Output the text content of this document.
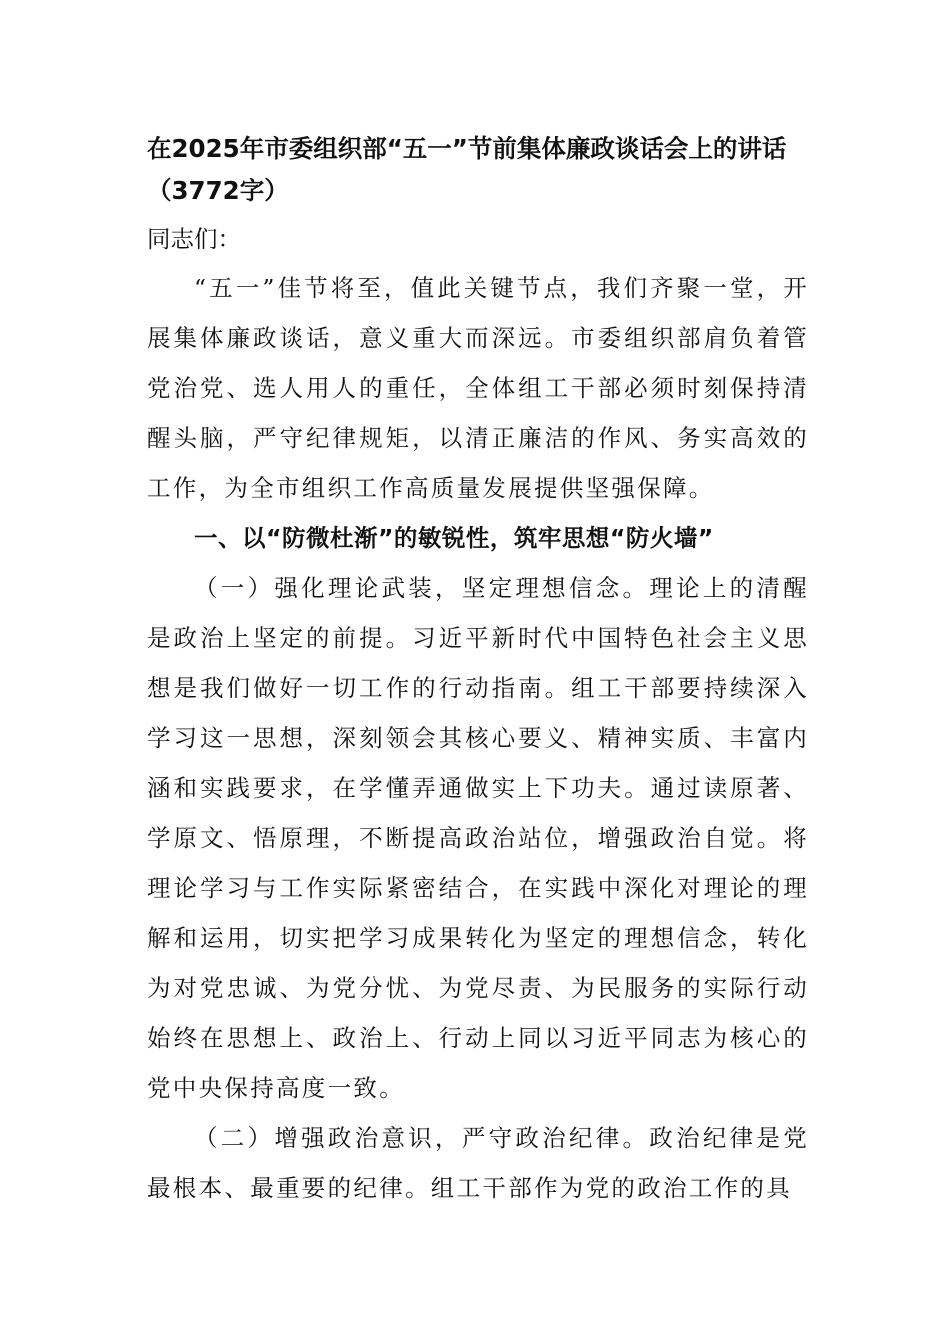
在2025年市委组织部“五一”节前集体廉政谈话会上的讲话（3772字）

同志们：

“五一”佳节将至，值此关键节点，我们齐聚一堂，开展集体廉政谈话，意义重大而深远。市委组织部肩负着管党治党、选人用人的重任，全体组工干部必须时刻保持清醒头脑，严守纪律规矩，以清正廉洁的作风、务实高效的工作，为全市组织工作高质量发展提供坚强保障。

一、以“防微杜渐”的敏锐性，筑牢思想“防火墙”

（一）强化理论武装，坚定理想信念。理论上的清醒是政治上坚定的前提。习近平新时代中国特色社会主义思想是我们做好一切工作的行动指南。组工干部要持续深入学习这一思想，深刻领会其核心要义、精神实质、丰富内涵和实践要求，在学懂弄通做实上下功夫。通过读原著、学原文、悟原理，不断提高政治站位，增强政治自觉。将理论学习与工作实际紧密结合，在实践中深化对理论的理解和运用，切实把学习成果转化为坚定的理想信念，转化为对党忠诚、为党分忧、为党尽责、为民服务的实际行动始终在思想上、政治上、行动上同以习近平同志为核心的党中央保持高度一致。

（二）增强政治意识，严守政治纪律。政治纪律是党最根本、最重要的纪律。组工干部作为党的政治工作的具
